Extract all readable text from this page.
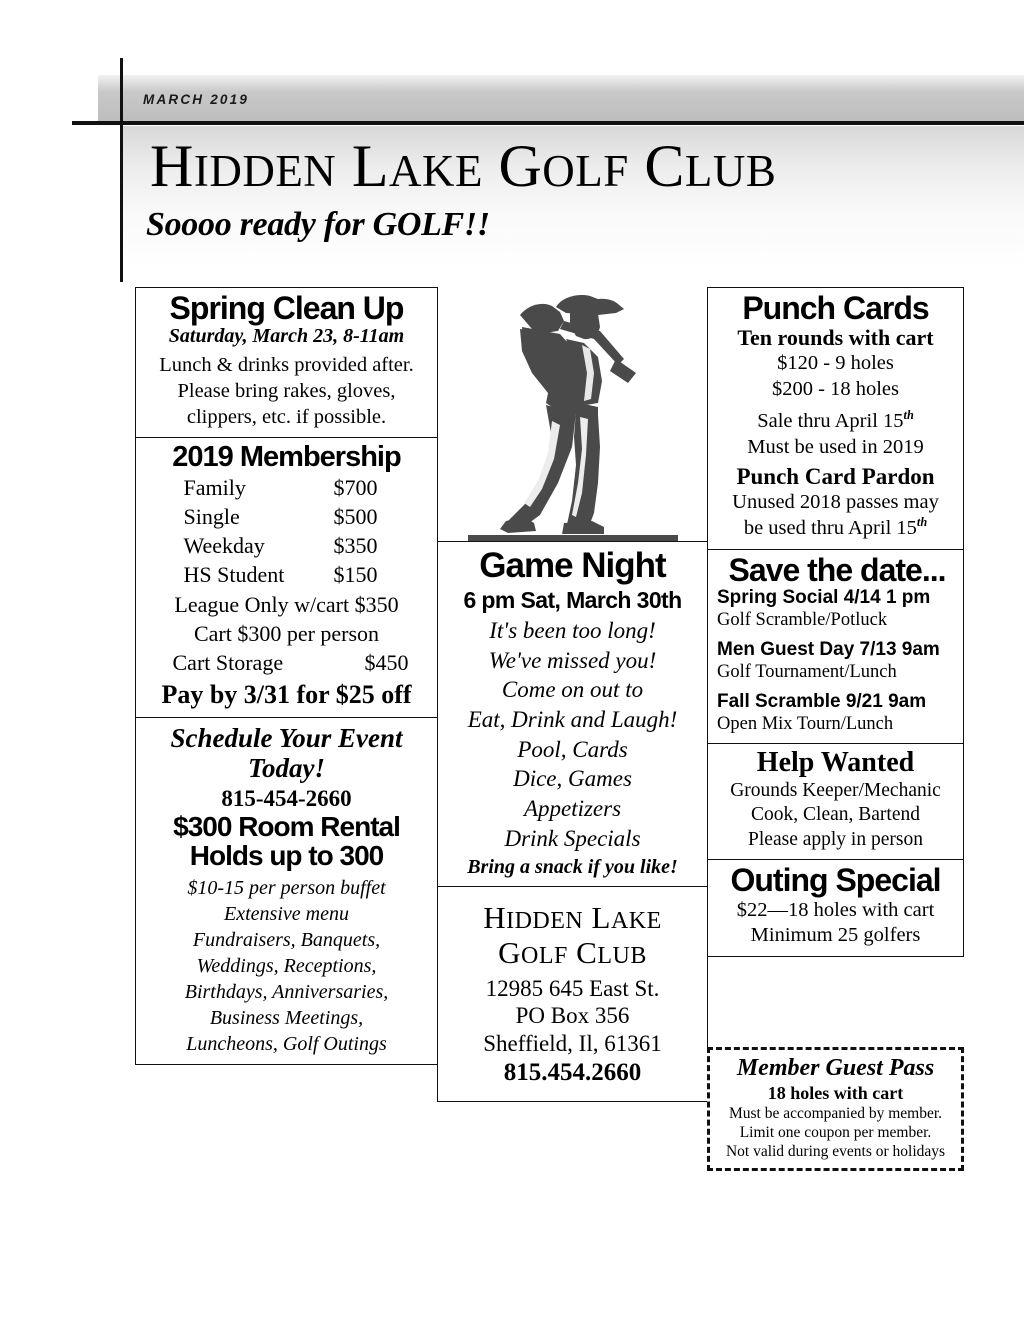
MARCH 2019
HIDDEN LAKE GOLF CLUB
Soooo ready for GOLF!!
Spring Clean Up
Saturday, March 23, 8-11am
Lunch & drinks provided after.
Please bring rakes, gloves,
clippers, etc. if possible.
2019 Membership
Family	$700
Single	$500
Weekday	$350
HS Student	$150
League Only w/cart $350
Cart $300 per person
Cart Storage	$450
Pay by 3/31 for $25 off
Schedule Your Event
Today!
815-454-2660
$300 Room Rental
Holds up to 300
$10-15 per person buffet
Extensive menu
Fundraisers, Banquets,
Weddings, Receptions,
Birthdays, Anniversaries,
Business Meetings,
Luncheons, Golf Outings
Game Night
6 pm Sat, March 30th
It's been too long!
We've missed you!
Come on out to
Eat, Drink and Laugh!
Pool, Cards
Dice, Games
Appetizers
Drink Specials
Bring a snack if you like!
HIDDEN LAKE
GOLF CLUB
12985 645 East St.
PO Box 356
Sheffield, Il, 61361
815.454.2660
Punch Cards
Ten rounds with cart
$120 - 9 holes
$200 - 18 holes
Sale thru April 15th
Must be used in 2019
Punch Card Pardon
Unused 2018 passes may
be used thru April 15th
Save the date...
Spring Social 4/14 1 pm
Golf Scramble/Potluck
Men Guest Day 7/13 9am
Golf Tournament/Lunch
Fall Scramble 9/21 9am
Open Mix Tourn/Lunch
Help Wanted
Grounds Keeper/Mechanic
Cook, Clean, Bartend
Please apply in person
Outing Special
$22—18 holes with cart
Minimum 25 golfers
Member Guest Pass
18 holes with cart
Must be accompanied by member.
Limit one coupon per member.
Not valid during events or holidays
